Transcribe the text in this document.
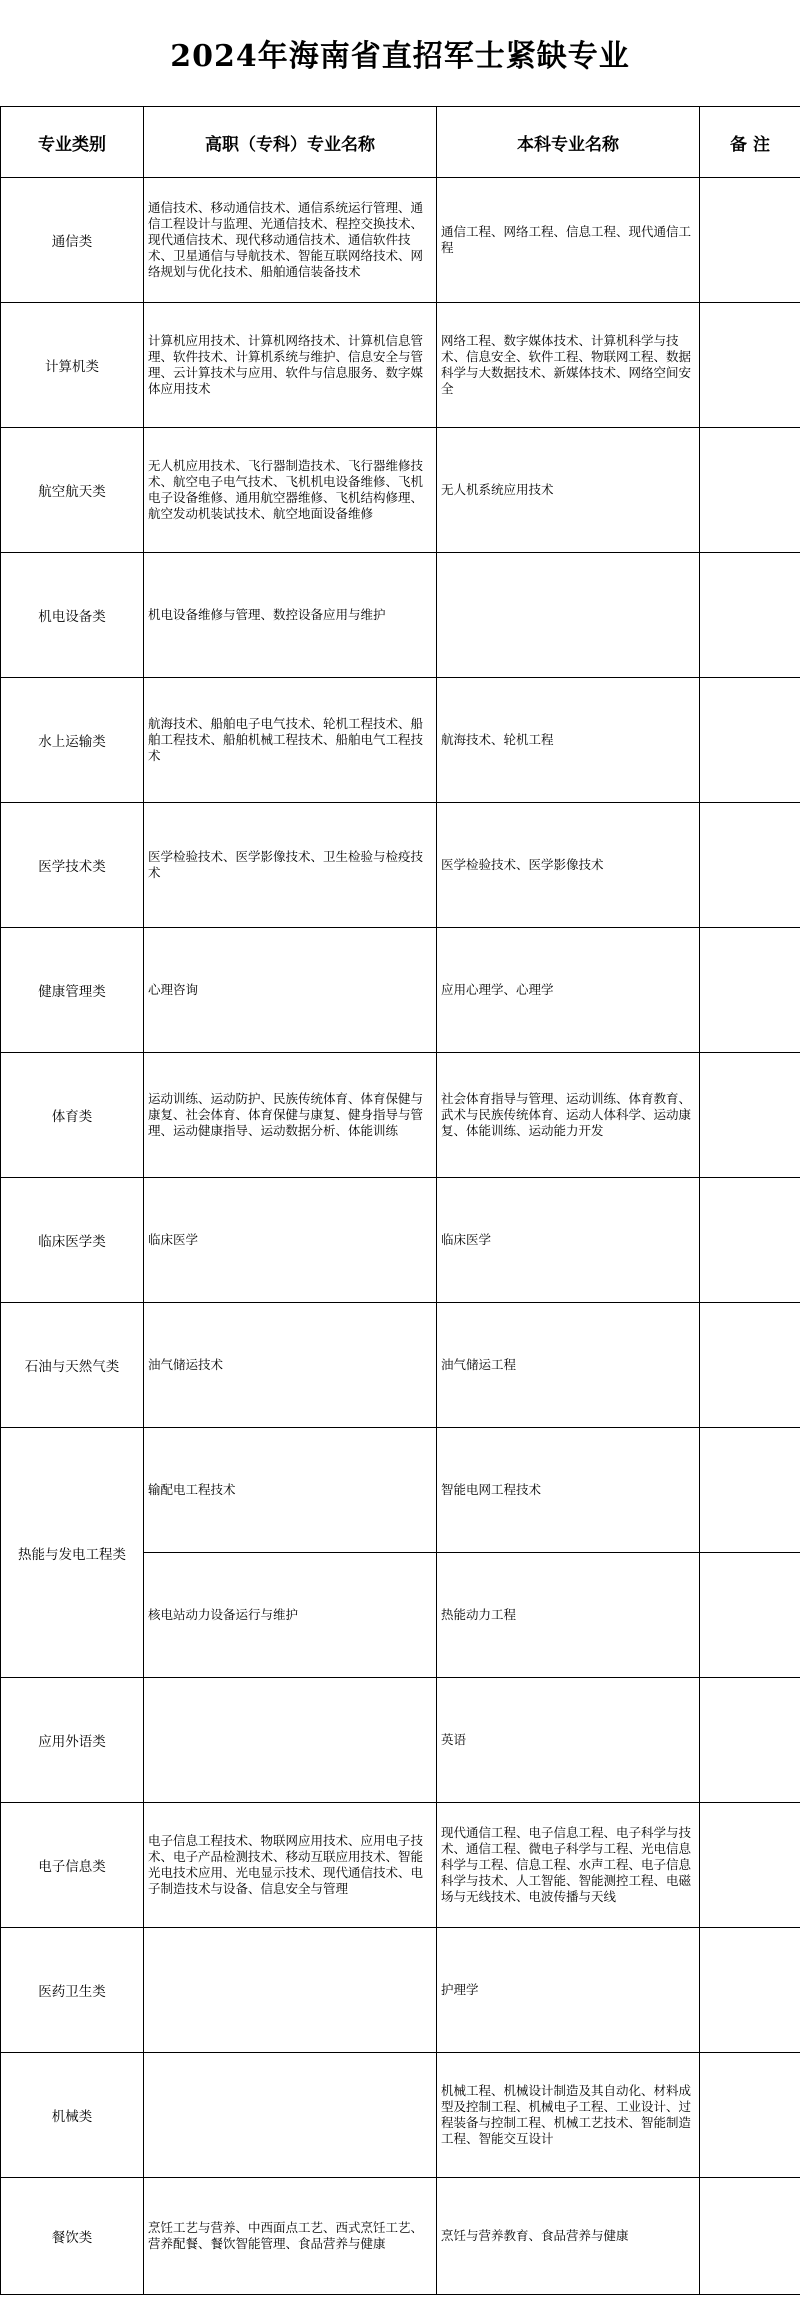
2024年海南省直招军士紧缺专业
专业类别	高职（专科）专业名称	本科专业名称	备 注
通信类	通信技术、移动通信技术、通信系统运行管理、通信工程设计与监理、光通信技术、程控交换技术、现代通信技术、现代移动通信技术、通信软件技术、卫星通信与导航技术、智能互联网络技术、网络规划与优化技术、船舶通信装备技术	通信工程、网络工程、信息工程、现代通信工程	
计算机类	计算机应用技术、计算机网络技术、计算机信息管理、软件技术、计算机系统与维护、信息安全与管理、云计算技术与应用、软件与信息服务、数字媒体应用技术	网络工程、数字媒体技术、计算机科学与技术、信息安全、软件工程、物联网工程、数据科学与大数据技术、新媒体技术、网络空间安全	
航空航天类	无人机应用技术、飞行器制造技术、飞行器维修技术、航空电子电气技术、飞机机电设备维修、飞机电子设备维修、通用航空器维修、飞机结构修理、航空发动机装试技术、航空地面设备维修	无人机系统应用技术	
机电设备类	机电设备维修与管理、数控设备应用与维护		
水上运输类	航海技术、船舶电子电气技术、轮机工程技术、船舶工程技术、船舶机械工程技术、船舶电气工程技术	航海技术、轮机工程	
医学技术类	医学检验技术、医学影像技术、卫生检验与检疫技术	医学检验技术、医学影像技术	
健康管理类	心理咨询	应用心理学、心理学	
体育类	运动训练、运动防护、民族传统体育、体育保健与康复、社会体育、体育保健与康复、健身指导与管理、运动健康指导、运动数据分析、体能训练	社会体育指导与管理、运动训练、体育教育、武术与民族传统体育、运动人体科学、运动康复、体能训练、运动能力开发	
临床医学类	临床医学	临床医学	
石油与天然气类	油气储运技术	油气储运工程	
热能与发电工程类	输配电工程技术	智能电网工程技术	
	核电站动力设备运行与维护	热能动力工程	
应用外语类		英语	
电子信息类	电子信息工程技术、物联网应用技术、应用电子技术、电子产品检测技术、移动互联应用技术、智能光电技术应用、光电显示技术、现代通信技术、电子制造技术与设备、信息安全与管理	现代通信工程、电子信息工程、电子科学与技术、通信工程、微电子科学与工程、光电信息科学与工程、信息工程、水声工程、电子信息科学与技术、人工智能、智能测控工程、电磁场与无线技术、电波传播与天线	
医药卫生类		护理学	
机械类		机械工程、机械设计制造及其自动化、材料成型及控制工程、机械电子工程、工业设计、过程装备与控制工程、机械工艺技术、智能制造工程、智能交互设计	
餐饮类	烹饪工艺与营养、中西面点工艺、西式烹饪工艺、营养配餐、餐饮智能管理、食品营养与健康	烹饪与营养教育、食品营养与健康	
